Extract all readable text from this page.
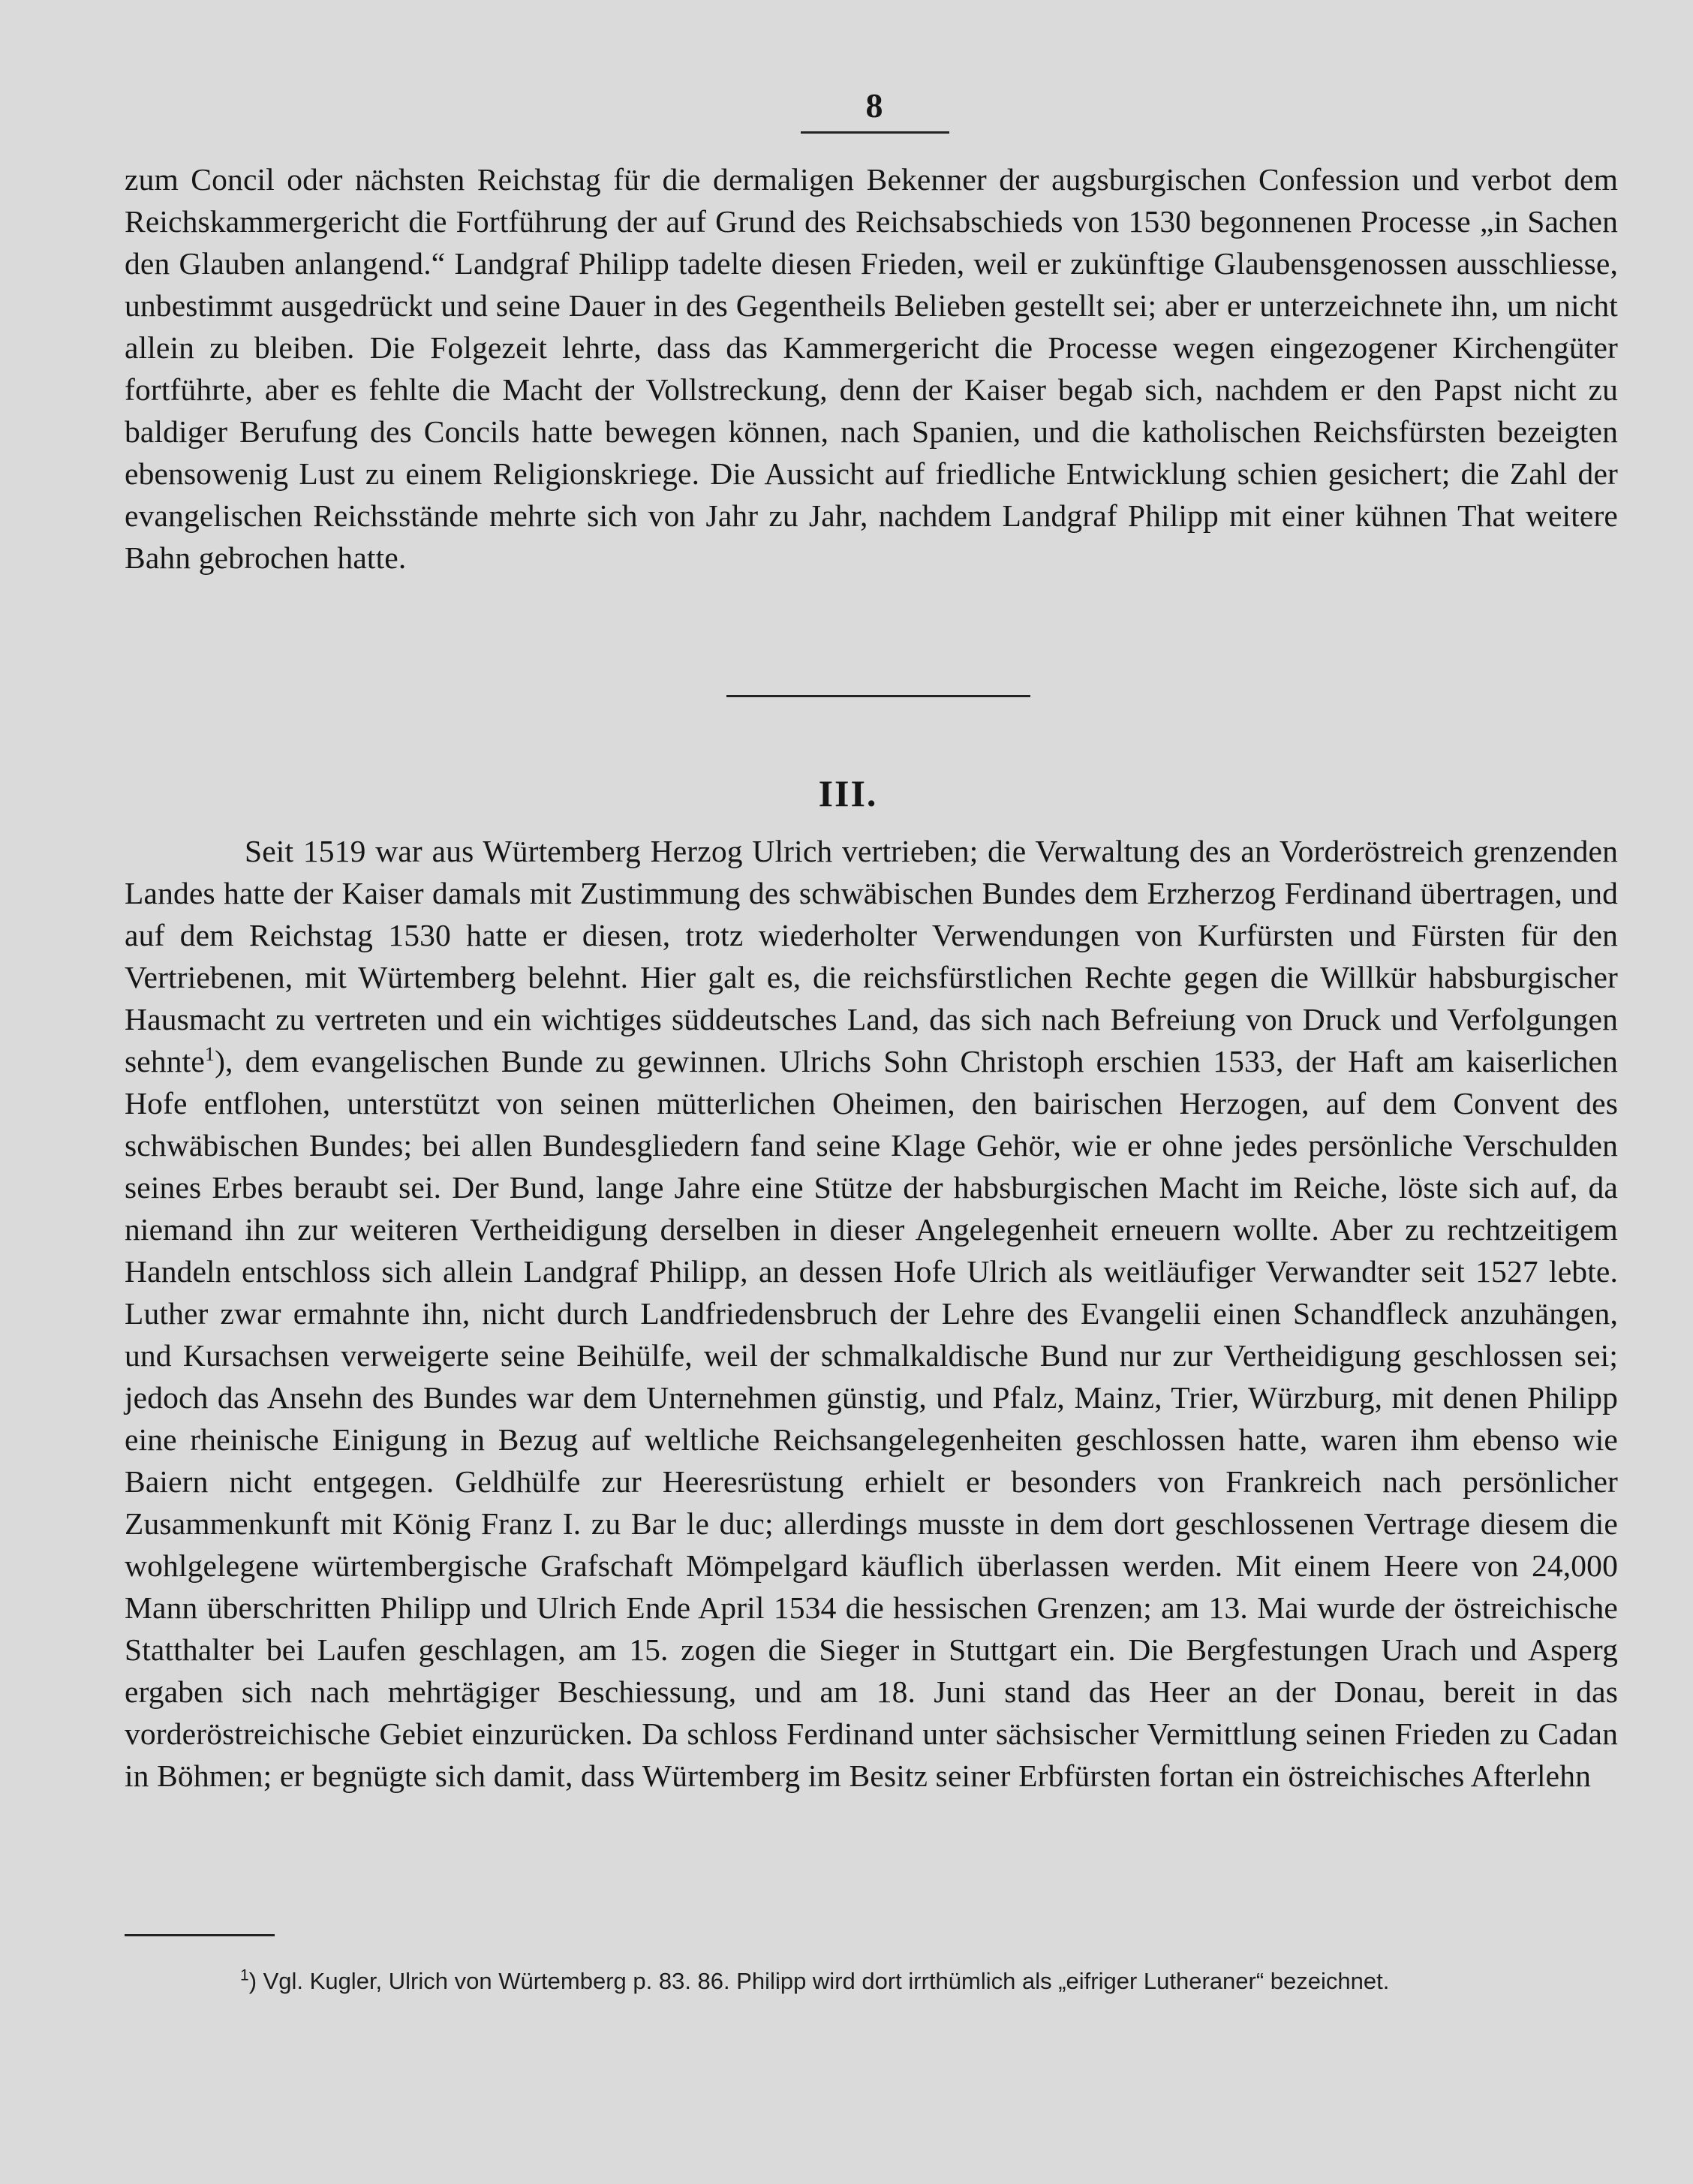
8

zum Concil oder nächsten Reichstag für die dermaligen Bekenner der augsburgischen Confession und verbot dem Reichskammergericht die Fortführung der auf Grund des Reichsabschieds von 1530 begonnenen Processe „in Sachen den Glauben anlangend.“ Landgraf Philipp tadelte diesen Frieden, weil er zukünftige Glaubensgenossen ausschliesse, unbestimmt ausgedrückt und seine Dauer in des Gegentheils Belieben gestellt sei; aber er unterzeichnete ihn, um nicht allein zu bleiben. Die Folgezeit lehrte, dass das Kammergericht die Processe wegen eingezogener Kirchengüter fortführte, aber es fehlte die Macht der Vollstreckung, denn der Kaiser begab sich, nachdem er den Papst nicht zu baldiger Berufung des Concils hatte bewegen können, nach Spanien, und die katholischen Reichsfürsten bezeigten ebensowenig Lust zu einem Religionskriege. Die Aussicht auf friedliche Entwicklung schien gesichert; die Zahl der evangelischen Reichsstände mehrte sich von Jahr zu Jahr, nachdem Landgraf Philipp mit einer kühnen That weitere Bahn gebrochen hatte.

III.

Seit 1519 war aus Würtemberg Herzog Ulrich vertrieben; die Verwaltung des an Vorderöstreich grenzenden Landes hatte der Kaiser damals mit Zustimmung des schwäbischen Bundes dem Erzherzog Ferdinand übertragen, und auf dem Reichstag 1530 hatte er diesen, trotz wiederholter Verwendungen von Kurfürsten und Fürsten für den Vertriebenen, mit Würtemberg belehnt. Hier galt es, die reichsfürstlichen Rechte gegen die Willkür habsburgischer Hausmacht zu vertreten und ein wichtiges süddeutsches Land, das sich nach Befreiung von Druck und Verfolgungen sehnte$^1$), dem evangelischen Bunde zu gewinnen. Ulrichs Sohn Christoph erschien 1533, der Haft am kaiserlichen Hofe entflohen, unterstützt von seinen mütterlichen Oheimen, den bairischen Herzogen, auf dem Convent des schwäbischen Bundes; bei allen Bundesgliedern fand seine Klage Gehör, wie er ohne jedes persönliche Verschulden seines Erbes beraubt sei. Der Bund, lange Jahre eine Stütze der habsburgischen Macht im Reiche, löste sich auf, da niemand ihn zur weiteren Vertheidigung derselben in dieser Angelegenheit erneuern wollte. Aber zu rechtzeitigem Handeln entschloss sich allein Landgraf Philipp, an dessen Hofe Ulrich als weitläufiger Verwandter seit 1527 lebte. Luther zwar ermahnte ihn, nicht durch Landfriedensbruch der Lehre des Evangelii einen Schandfleck anzuhängen, und Kursachsen verweigerte seine Beihülfe, weil der schmalkaldische Bund nur zur Vertheidigung geschlossen sei; jedoch das Ansehn des Bundes war dem Unternehmen günstig, und Pfalz, Mainz, Trier, Würzburg, mit denen Philipp eine rheinische Einigung in Bezug auf weltliche Reichsangelegenheiten geschlossen hatte, waren ihm ebenso wie Baiern nicht entgegen. Geldhülfe zur Heeresrüstung erhielt er besonders von Frankreich nach persönlicher Zusammenkunft mit König Franz I. zu Bar le duc; allerdings musste in dem dort geschlossenen Vertrage diesem die wohlgelegene würtembergische Grafschaft Mömpelgard käuflich überlassen werden. Mit einem Heere von 24,000 Mann überschritten Philipp und Ulrich Ende April 1534 die hessischen Grenzen; am 13. Mai wurde der östreichische Statthalter bei Laufen geschlagen, am 15. zogen die Sieger in Stuttgart ein. Die Bergfestungen Urach und Asperg ergaben sich nach mehrtägiger Beschiessung, und am 18. Juni stand das Heer an der Donau, bereit in das vorderöstreichische Gebiet einzurücken. Da schloss Ferdinand unter sächsischer Vermittlung seinen Frieden zu Cadan in Böhmen; er begnügte sich damit, dass Würtemberg im Besitz seiner Erbfürsten fortan ein östreichisches Afterlehn

$^1$) Vgl. Kugler, Ulrich von Würtemberg p. 83. 86. Philipp wird dort irrthümlich als „eifriger Lutheraner“ bezeichnet.
